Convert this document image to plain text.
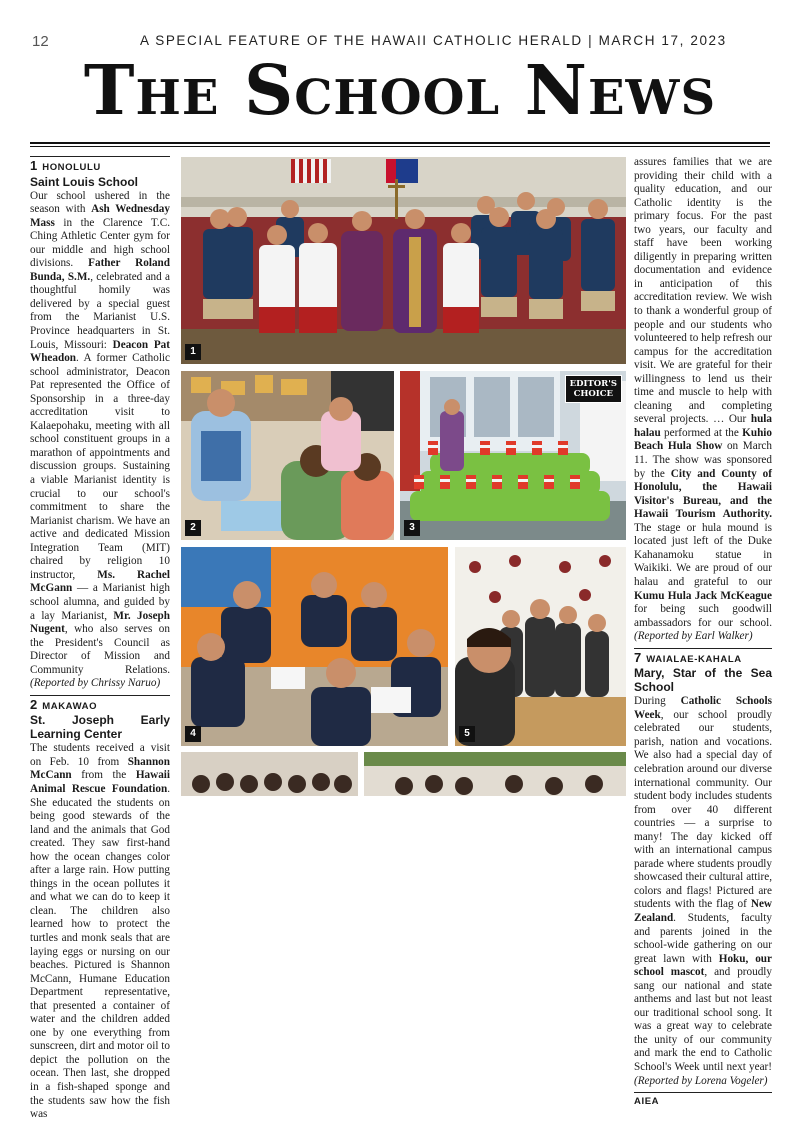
12	A SPECIAL FEATURE OF THE HAWAII CATHOLIC HERALD | MARCH 17, 2023
The School News
1 HONOLULU
Saint Louis School
Our school ushered in the season with Ash Wednesday Mass in the Clarence T.C. Ching Athletic Center gym for our middle and high school divisions. Father Roland Bunda, S.M., celebrated and a thoughtful homily was delivered by a special guest from the Marianist U.S. Province headquarters in St. Louis, Missouri: Deacon Pat Wheadon. A former Catholic school administrator, Deacon Pat represented the Office of Sponsorship in a three-day accreditation visit to Kalaepohaku, meeting with all school constituent groups in a marathon of appointments and discussion groups. Sustaining a viable Marianist identity is crucial to our school's commitment to share the Marianist charism. We have an active and dedicated Mission Integration Team (MIT) chaired by religion 10 instructor, Ms. Rachel McGann — a Marianist high school alumna, and guided by a lay Marianist, Mr. Joseph Nugent, who also serves on the President's Council as Director of Mission and Community Relations. (Reported by Chrissy Naruo)
2 MAKAWAO
St. Joseph Early Learning Center
The students received a visit on Feb. 10 from Shannon McCann from the Hawaii Animal Rescue Foundation. She educated the students on being good stewards of the land and the animals that God created. They saw first-hand how the ocean changes color after a large rain. How putting things in the ocean pollutes it and what we can do to keep it clean. The children also learned how to protect the turtles and monk seals that are laying eggs or nursing on our beaches. Pictured is Shannon McCann, Humane Education Department representative, that presented a container of water and the children added one by one everything from sunscreen, dirt and motor oil to depict the pollution on the ocean. Then last, she dropped in a fish-shaped sponge and the students saw how the fish was
assures families that we are providing their child with a quality education, and our Catholic identity is the primary focus. For the past two years, our faculty and staff have been working diligently in preparing written documentation and evidence in anticipation of this accreditation review. We wish to thank a wonderful group of people and our students who volunteered to help refresh our campus for the accreditation visit. We are grateful for their willingness to lend us their time and muscle to help with cleaning and completing several projects. … Our hula halau performed at the Kuhio Beach Hula Show on March 11. The show was sponsored by the City and County of Honolulu, the Hawaii Visitor's Bureau, and the Hawaii Tourism Authority. The stage or hula mound is located just left of the Duke Kahanamoku statue in Waikiki. We are proud of our halau and grateful to our Kumu Hula Jack McKeague for being such goodwill ambassadors for our school. (Reported by Earl Walker)
7 WAIALAE-KAHALA
Mary, Star of the Sea School
During Catholic Schools Week, our school proudly celebrated our students, parish, nation and vocations. We also had a special day of celebration around our diverse international community. Our student body includes students from over 40 different countries — a surprise to many! The day kicked off with an international campus parade where students proudly showcased their cultural attire, colors and flags! Pictured are students with the flag of New Zealand. Students, faculty and parents joined in the school-wide gathering on our great lawn with Hoku, our school mascot, and proudly sang our national and state anthems and last but not least our traditional school song. It was a great way to celebrate the unity of our community and mark the end to Catholic School's Week until next year! (Reported by Lorena Vogeler)
AIEA
1
2
EDITOR'S
CHOICE
3
4	5
